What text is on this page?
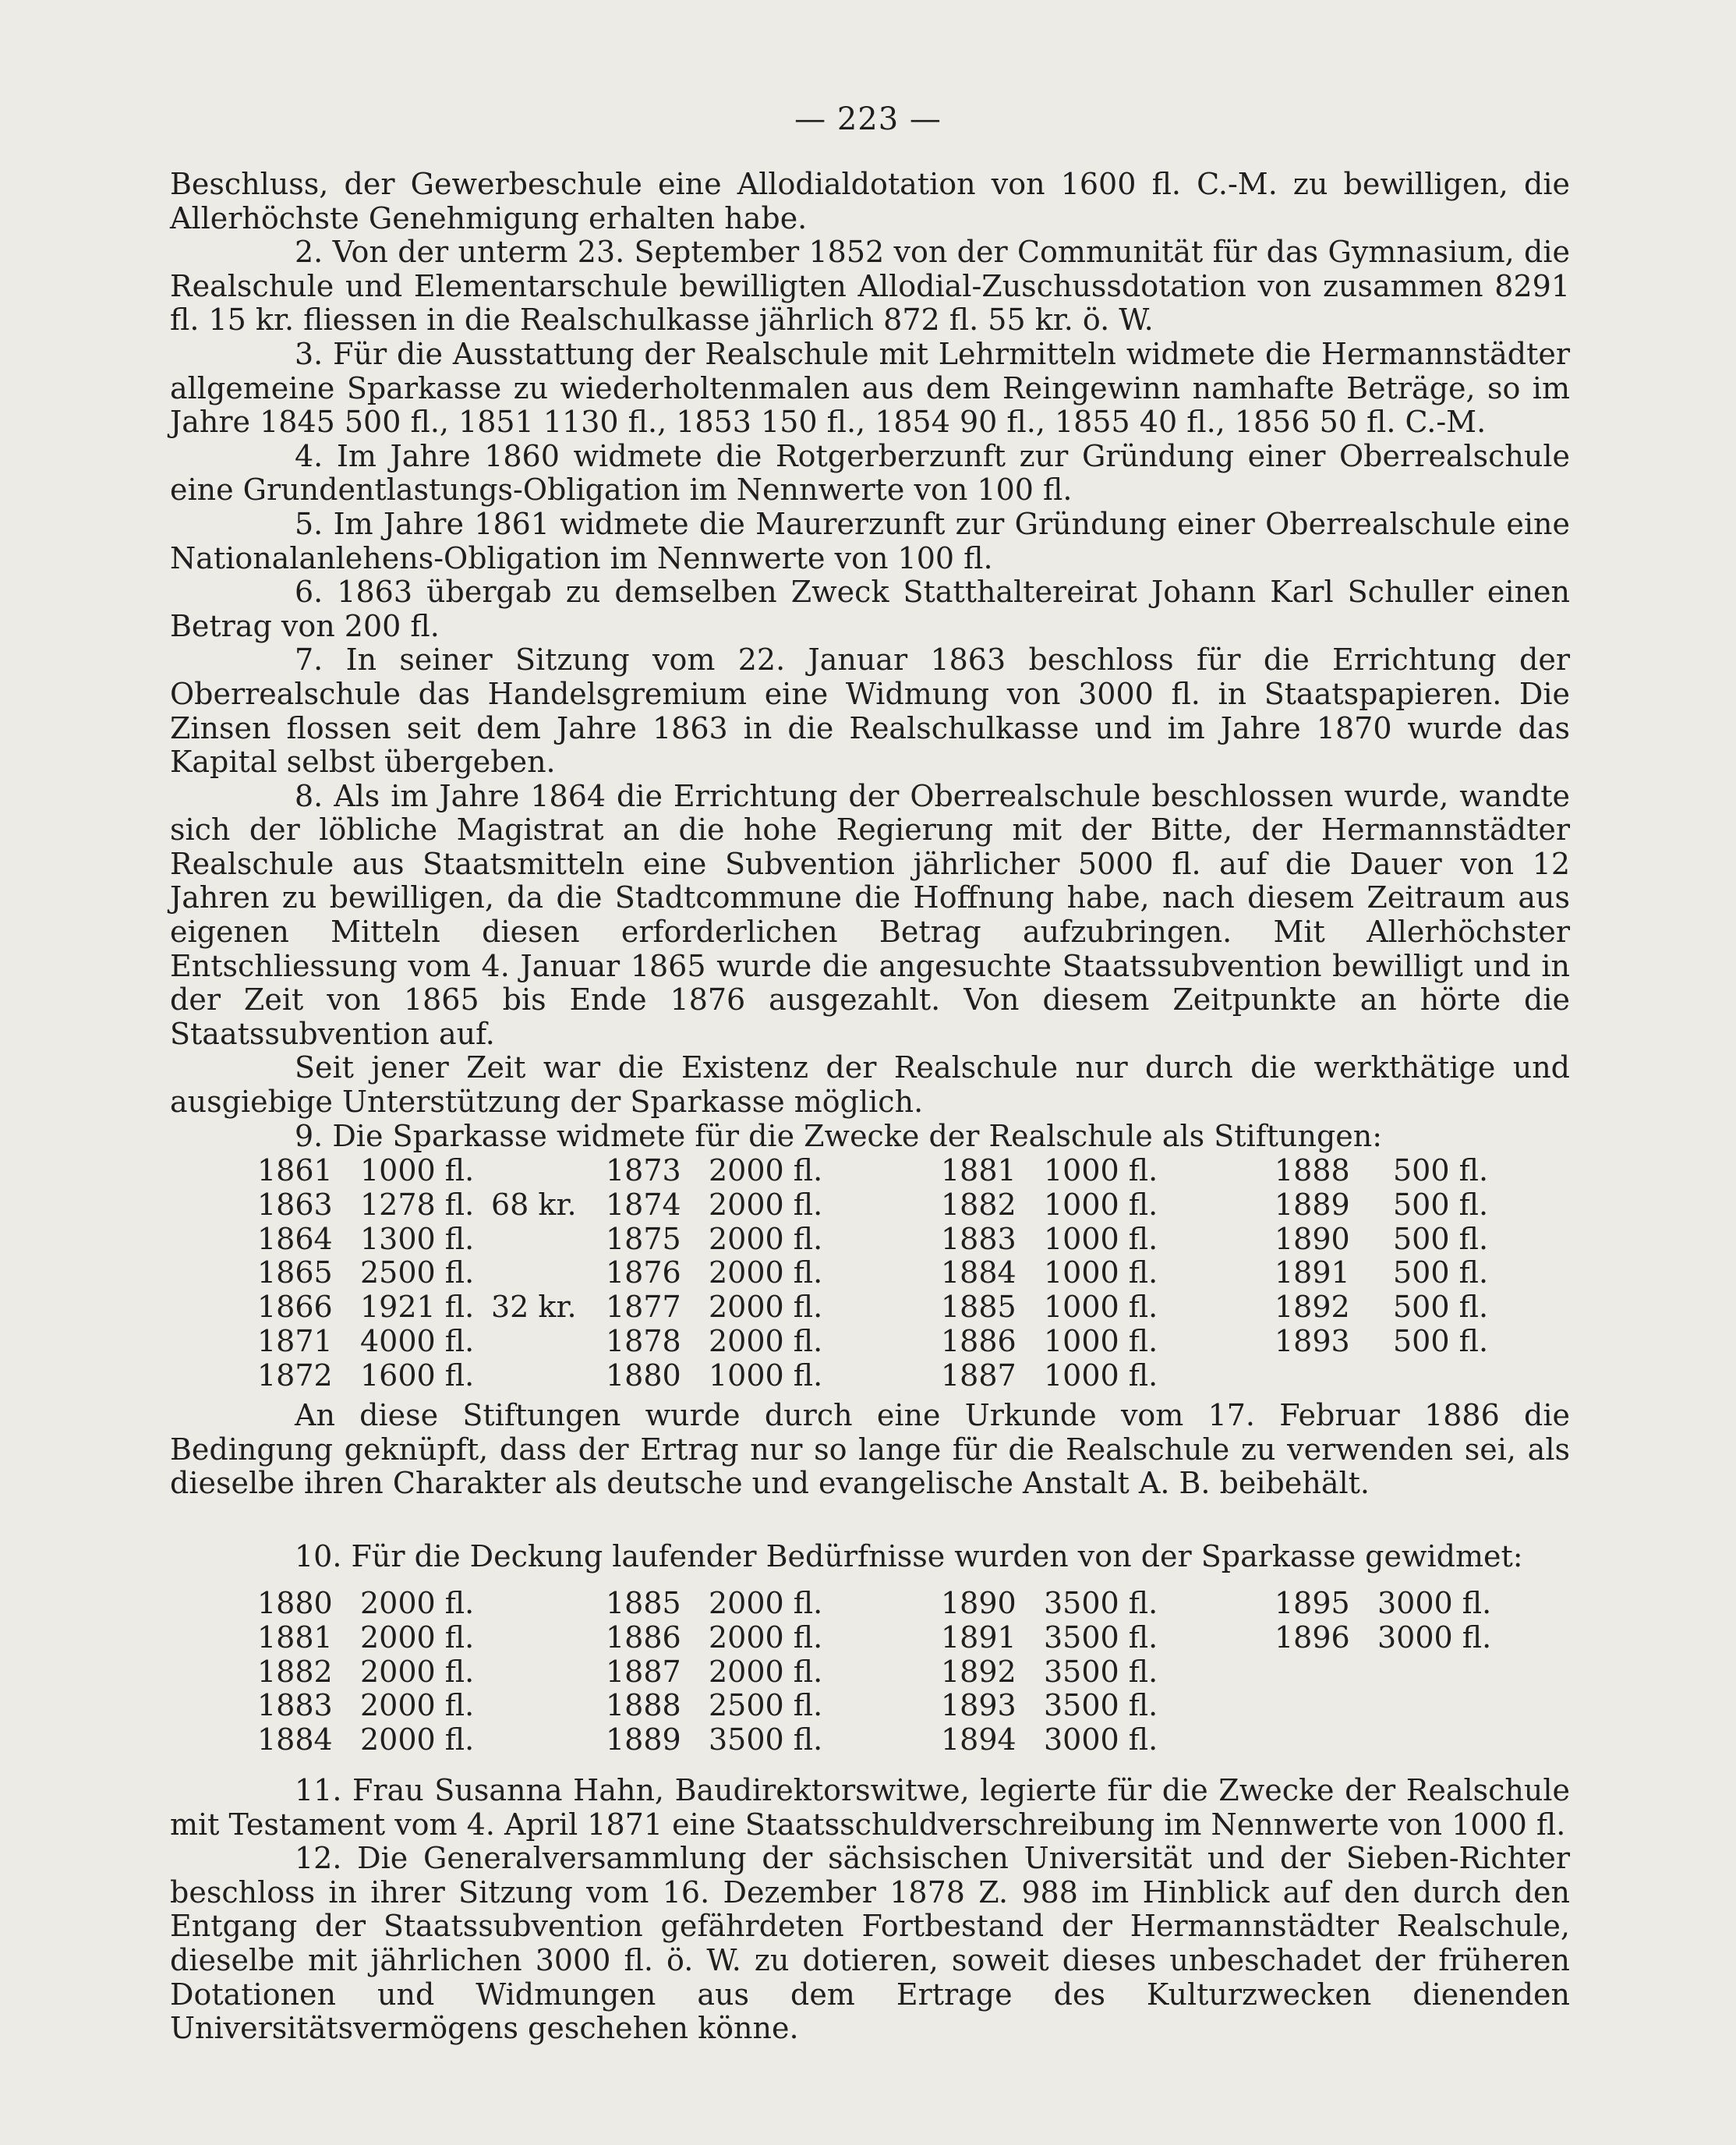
— 223 —

Beschluss, der Gewerbeschule eine Allodialdotation von 1600 fl. C.-M. zu bewilligen, die Allerhöchste Genehmigung erhalten habe.

2. Von der unterm 23. September 1852 von der Communität für das Gymnasium, die Realschule und Elementarschule bewilligten Allodial-Zuschussdotation von zusammen 8291 fl. 15 kr. fliessen in die Realschulkasse jährlich 872 fl. 55 kr. ö. W.

3. Für die Ausstattung der Realschule mit Lehrmitteln widmete die Hermannstädter allgemeine Sparkasse zu wiederholtenmalen aus dem Reingewinn namhafte Beträge, so im Jahre 1845 500 fl., 1851 1130 fl., 1853 150 fl., 1854 90 fl., 1855 40 fl., 1856 50 fl. C.-M.

4. Im Jahre 1860 widmete die Rotgerberzunft zur Gründung einer Oberrealschule eine Grundentlastungs-Obligation im Nennwerte von 100 fl.

5. Im Jahre 1861 widmete die Maurerzunft zur Gründung einer Oberrealschule eine Nationalanlehens-Obligation im Nennwerte von 100 fl.

6. 1863 übergab zu demselben Zweck Statthaltereirat Johann Karl Schuller einen Betrag von 200 fl.

7. In seiner Sitzung vom 22. Januar 1863 beschloss für die Errichtung der Oberrealschule das Handelsgremium eine Widmung von 3000 fl. in Staatspapieren. Die Zinsen flossen seit dem Jahre 1863 in die Realschulkasse und im Jahre 1870 wurde das Kapital selbst übergeben.

8. Als im Jahre 1864 die Errichtung der Oberrealschule beschlossen wurde, wandte sich der löbliche Magistrat an die hohe Regierung mit der Bitte, der Hermannstädter Realschule aus Staatsmitteln eine Subvention jährlicher 5000 fl. auf die Dauer von 12 Jahren zu bewilligen, da die Stadtcommune die Hoffnung habe, nach diesem Zeitraum aus eigenen Mitteln diesen erforderlichen Betrag aufzubringen. Mit Allerhöchster Entschliessung vom 4. Januar 1865 wurde die angesuchte Staatssubvention bewilligt und in der Zeit von 1865 bis Ende 1876 ausgezahlt. Von diesem Zeitpunkte an hörte die Staatssubvention auf.

Seit jener Zeit war die Existenz der Realschule nur durch die werkthätige und ausgiebige Unterstützung der Sparkasse möglich.

9. Die Sparkasse widmete für die Zwecke der Realschule als Stiftungen:

1861 1000 fl.
1863 1278 fl. 68 kr.
1864 1300 fl.
1865 2500 fl.
1866 1921 fl. 32 kr.
1871 4000 fl.
1872 1600 fl.
1873 2000 fl.
1874 2000 fl.
1875 2000 fl.
1876 2000 fl.
1877 2000 fl.
1878 2000 fl.
1880 1000 fl.
1881 1000 fl.
1882 1000 fl.
1883 1000 fl.
1884 1000 fl.
1885 1000 fl.
1886 1000 fl.
1887 1000 fl.
1888 500 fl.
1889 500 fl.
1890 500 fl.
1891 500 fl.
1892 500 fl.
1893 500 fl.

An diese Stiftungen wurde durch eine Urkunde vom 17. Februar 1886 die Bedingung geknüpft, dass der Ertrag nur so lange für die Realschule zu verwenden sei, als dieselbe ihren Charakter als deutsche und evangelische Anstalt A. B. beibehält.

10. Für die Deckung laufender Bedürfnisse wurden von der Sparkasse gewidmet:
1880 2000 fl.
1881 2000 fl.
1882 2000 fl.
1883 2000 fl.
1884 2000 fl.
1885 2000 fl.
1886 2000 fl.
1887 2000 fl.
1888 2500 fl.
1889 3500 fl.
1890 3500 fl.
1891 3500 fl.
1892 3500 fl.
1893 3500 fl.
1894 3000 fl.
1895 3000 fl.
1896 3000 fl.

11. Frau Susanna Hahn, Baudirektorswitwe, legierte für die Zwecke der Realschule mit Testament vom 4. April 1871 eine Staatsschuldverschreibung im Nennwerte von 1000 fl.

12. Die Generalversammlung der sächsischen Universität und der Sieben-Richter beschloss in ihrer Sitzung vom 16. Dezember 1878 Z. 988 im Hinblick auf den durch den Entgang der Staatssubvention gefährdeten Fortbestand der Hermannstädter Realschule, dieselbe mit jährlichen 3000 fl. ö. W. zu dotieren, soweit dieses unbeschadet der früheren Dotationen und Widmungen aus dem Ertrage des Kulturzwecken dienenden Universitätsvermögens geschehen könne.
